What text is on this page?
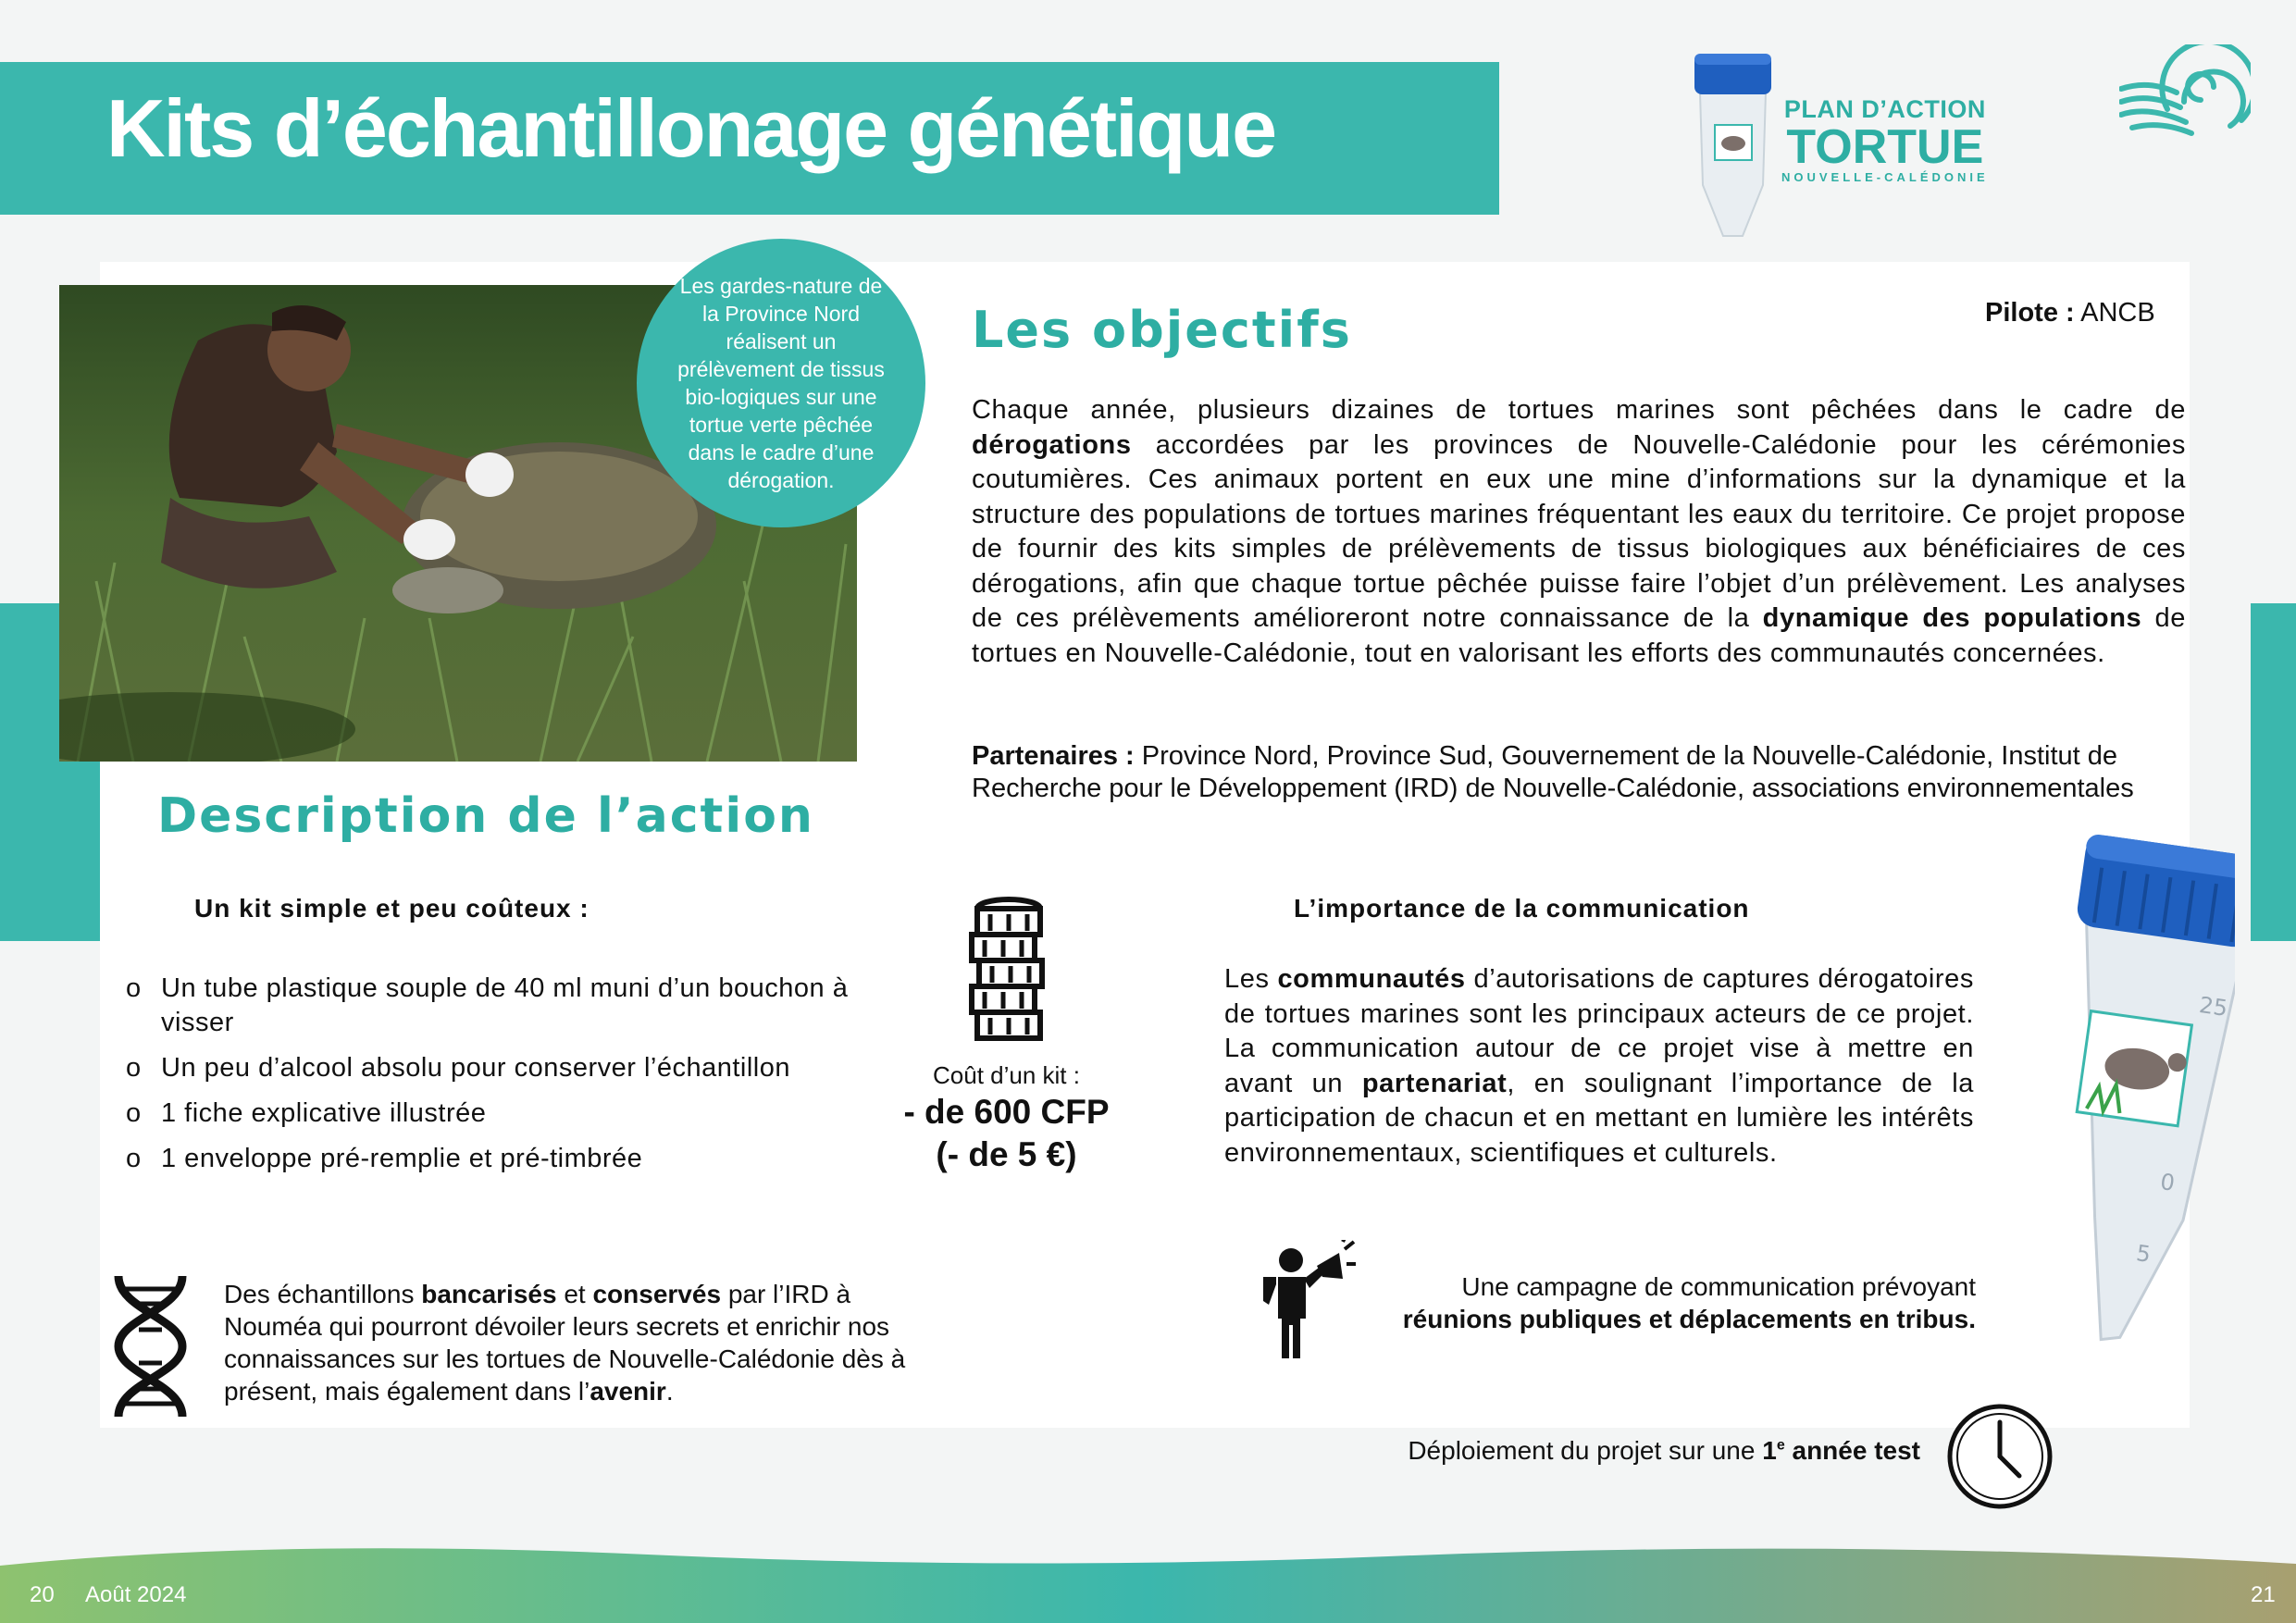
Kits d’échantillonage génétique	PLAN D’ACTION
TORTUE
NOUVELLE-CALÉDONIE
Les gardes-nature de la Province Nord réalisent un prélèvement de tissus bio-logiques sur une tortue verte pêchée dans le cadre d’une dérogation.
Les objectifs	Pilote : ANCB
Chaque année, plusieurs dizaines de tortues marines sont pêchées dans le cadre de dérogations accordées par les provinces de Nouvelle-Calédonie pour les cérémonies coutumières. Ces animaux portent en eux une mine d’informations sur la dynamique et la structure des populations de tortues marines fréquentant les eaux du territoire. Ce projet propose de fournir des kits simples de prélèvements de tissus biologiques aux bénéficiaires de ces dérogations, afin que chaque tortue pêchée puisse faire l’objet d’un prélèvement. Les analyses de ces prélèvements amélioreront notre connaissance de la dynamique des populations de tortues en Nouvelle-Calédonie, tout en valorisant les efforts des communautés concernées.
Partenaires : Province Nord, Province Sud, Gouvernement de la Nouvelle-Calédonie, Institut de Recherche pour le Développement (IRD) de Nouvelle-Calédonie, associations environnementales
Description de l’action
Un kit simple et peu coûteux :
o Un tube plastique souple de 40 ml muni d’un bouchon à visser
o Un peu d’alcool absolu pour conserver l’échantillon
o 1 fiche explicative illustrée
o 1 enveloppe pré-remplie et pré-timbrée
Coût d’un kit :
- de 600 CFP
(- de 5 €)
L’importance de la communication
Les communautés d’autorisations de captures dérogatoires de tortues marines sont les principaux acteurs de ce projet. La communication autour de ce projet vise à mettre en avant un partenariat, en soulignant l’importance de la participation de chacun et en mettant en lumière les intérêts environnementaux, scientifiques et culturels.
25
0
5
Des échantillons bancarisés et conservés par l’IRD à Nouméa qui pourront dévoiler leurs secrets et enrichir nos connaissances sur les tortues de Nouvelle-Calédonie dès à présent, mais également dans l’avenir.
Une campagne de communication prévoyant
réunions publiques et déplacements en tribus.
Déploiement du projet sur une 1e année test
20 Août 2024	21
